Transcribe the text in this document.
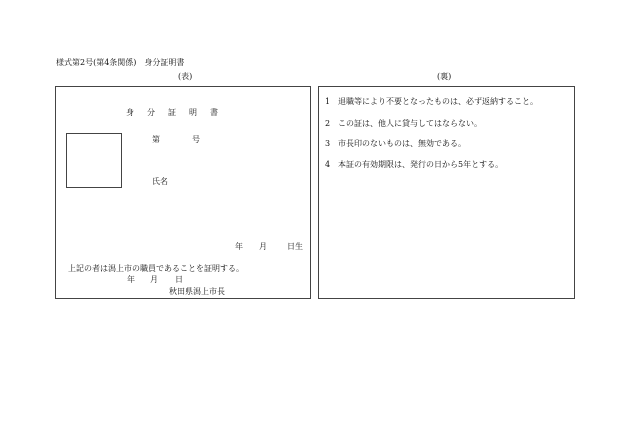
様式第2号(第4条関係)　身分証明書
(表)	(裏)
身分証明書
第	号
氏名
年 月	日生
上記の者は潟上市の職員であることを証明する。
年 月 日
秋田県潟上市長
1 退職等により不要となったものは、必ず返納すること。
2 この証は、他人に貸与してはならない。
3 市長印のないものは、無効である。
4 本証の有効期限は、発行の日から5年とする。
